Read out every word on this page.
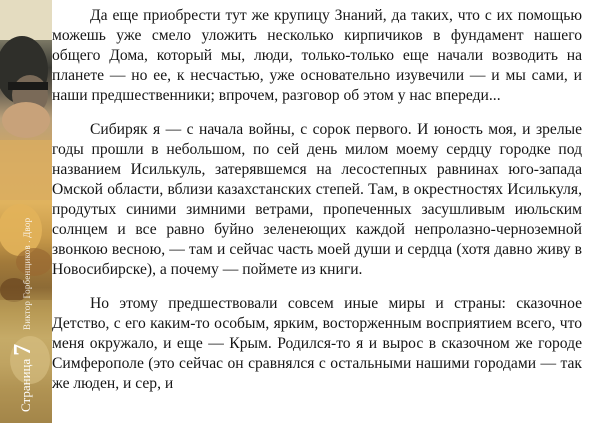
Виктор Горбенщиков . Двор
Страница
7

Да еще приобрести тут же крупицу Знаний, да таких, что с их помощью можешь уже смело уложить несколько кирпичиков в фундамент нашего общего Дома, который мы, люди, только-только еще начали возводить на планете — но ее, к несчастью, уже основательно изувечили — и мы сами, и наши предшественники; впрочем, разговор об этом у нас впереди...

Сибиряк я — с начала войны, с сорок первого. И юность моя, и зрелые годы прошли в небольшом, по сей день милом моему сердцу городке под названием Исилькуль, затерявшемся на лесостепных равнинах юго-запада Омской области, вблизи казахстанских степей. Там, в окрестностях Исилькуля, продутых синими зимними ветрами, пропеченных засушливым июльским солнцем и все равно буйно зеленеющих каждой непролазно-черноземной звонкою весною, — там и сейчас часть моей души и сердца (хотя давно живу в Новосибирске), а почему — поймете из книги.

Но этому предшествовали совсем иные миры и страны: сказочное Детство, с его каким-то особым, ярким, восторженным восприятием всего, что меня окружало, и еще — Крым. Родился-то я и вырос в сказочном же городе Симферополе (это сейчас он сравнялся с остальными нашими городами — так же люден, и сер, и
